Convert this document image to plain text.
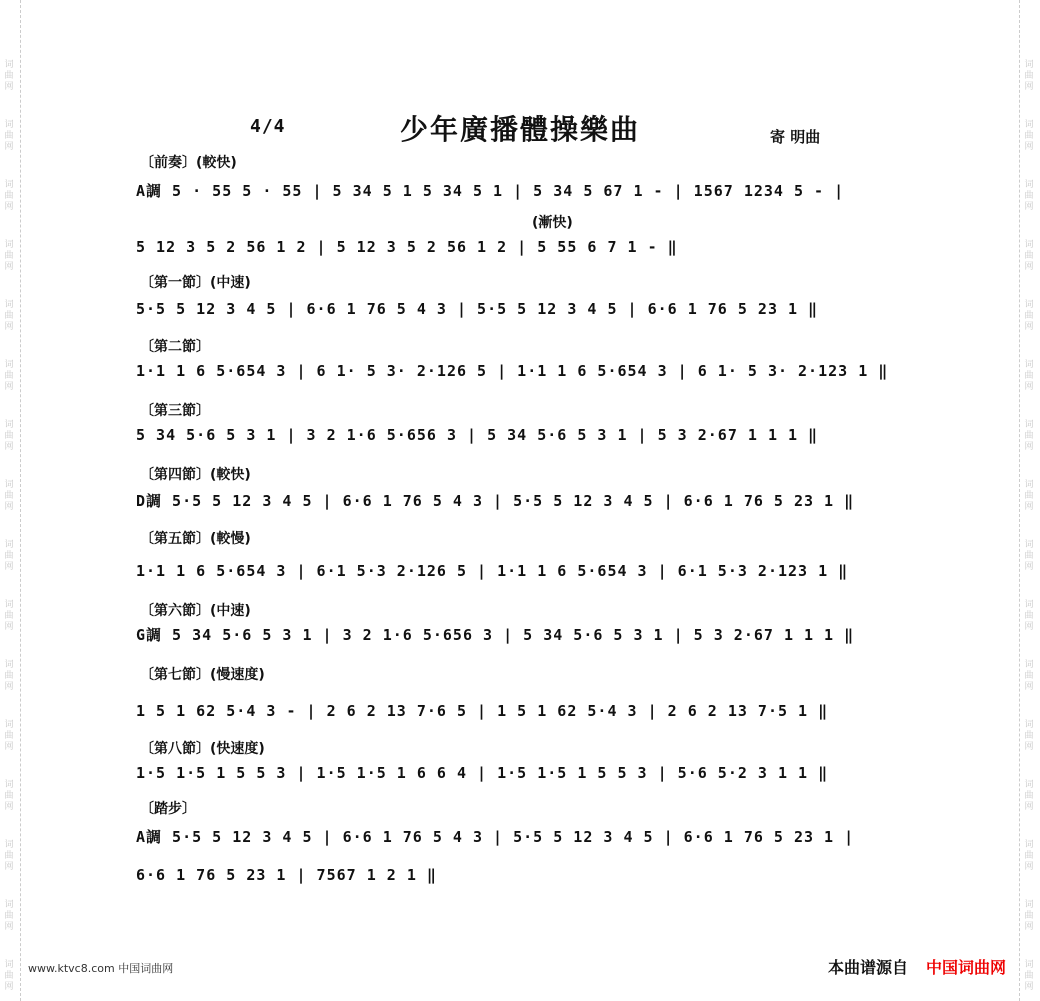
词曲网
词曲网
词曲网
词曲网
词曲网
词曲网
词曲网
词曲网
词曲网
词曲网
词曲网
词曲网
词曲网
词曲网
词曲网
词曲网
词曲网
词曲网
词曲网
词曲网
词曲网
词曲网
词曲网
词曲网
词曲网
词曲网
词曲网
词曲网
词曲网
词曲网
词曲网
词曲网
4/4	少年廣播體操樂曲	寄 明曲
〔前奏〕(較快)
A調 5 · 55 5 · 55 | 5 34 5 1 5 34 5 1 | 5 34 5 67 1 - | 1567 1234 5 - |
(漸快)
5 12 3 5 2 56 1 2 | 5 12 3 5 2 56 1 2 | 5 55 6 7 1 - ‖
〔第一節〕(中速)
5·5 5 12 3 4 5 | 6·6 1 76 5 4 3 | 5·5 5 12 3 4 5 | 6·6 1 76 5 23 1 ‖
〔第二節〕
1·1 1 6 5·654 3 | 6 1· 5 3· 2·126 5 | 1·1 1 6 5·654 3 | 6 1· 5 3· 2·123 1 ‖
〔第三節〕
5 34 5·6 5 3 1 | 3 2 1·6 5·656 3 | 5 34 5·6 5 3 1 | 5 3 2·67 1 1 1 ‖
〔第四節〕(較快)
D調 5·5 5 12 3 4 5 | 6·6 1 76 5 4 3 | 5·5 5 12 3 4 5 | 6·6 1 76 5 23 1 ‖
〔第五節〕(較慢)
1·1 1 6 5·654 3 | 6·1 5·3 2·126 5 | 1·1 1 6 5·654 3 | 6·1 5·3 2·123 1 ‖
〔第六節〕(中速)
G調 5 34 5·6 5 3 1 | 3 2 1·6 5·656 3 | 5 34 5·6 5 3 1 | 5 3 2·67 1 1 1 ‖
〔第七節〕(慢速度)
1 5 1 62 5·4 3 - | 2 6 2 13 7·6 5 | 1 5 1 62 5·4 3 | 2 6 2 13 7·5 1 ‖
〔第八節〕(快速度)
1·5 1·5 1 5 5 3 | 1·5 1·5 1 6 6 4 | 1·5 1·5 1 5 5 3 | 5·6 5·2 3 1 1 ‖
〔踏步〕
A調 5·5 5 12 3 4 5 | 6·6 1 76 5 4 3 | 5·5 5 12 3 4 5 | 6·6 1 76 5 23 1 |
6·6 1 76 5 23 1 | 7567 1 2 1 ‖
www.ktvc8.com 中国词曲网	本曲谱源自 中国词曲网
